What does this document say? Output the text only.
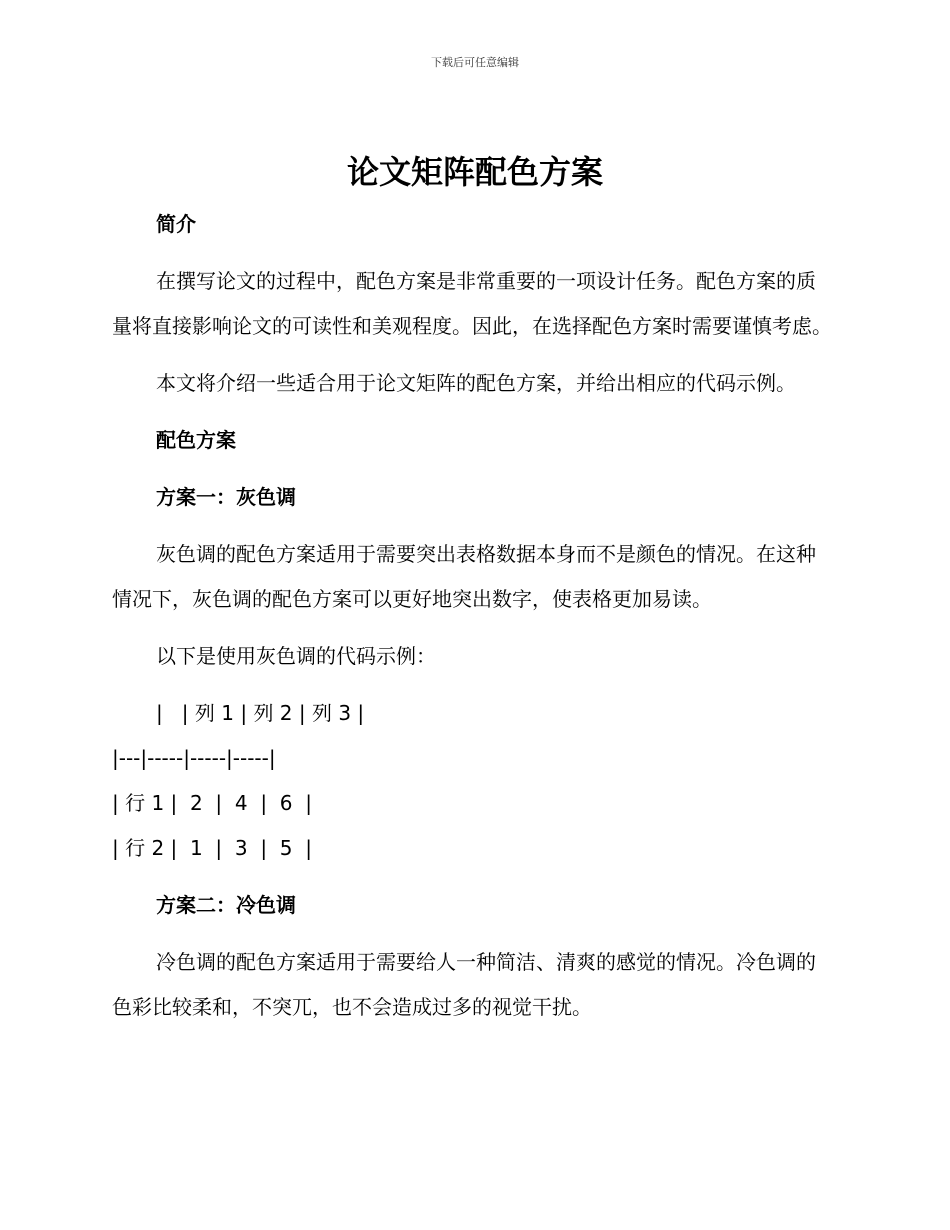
下载后可任意编辑
论文矩阵配色方案

简介

在撰写论文的过程中，配色方案是非常重要的一项设计任务。配色方案的质量将直接影响论文的可读性和美观程度。因此，在选择配色方案时需要谨慎考虑。

本文将介绍一些适合用于论文矩阵的配色方案，并给出相应的代码示例。

配色方案

方案一：灰色调

灰色调的配色方案适用于需要突出表格数据本身而不是颜色的情况。在这种情况下，灰色调的配色方案可以更好地突出数字，使表格更加易读。

以下是使用灰色调的代码示例：

|   | 列 1 | 列 2 | 列 3 |

|---|-----|-----|-----|

| 行 1 |  2  |  4  |  6  |

| 行 2 |  1  |  3  |  5  |

方案二：冷色调

冷色调的配色方案适用于需要给人一种简洁、清爽的感觉的情况。冷色调的色彩比较柔和，不突兀，也不会造成过多的视觉干扰。
